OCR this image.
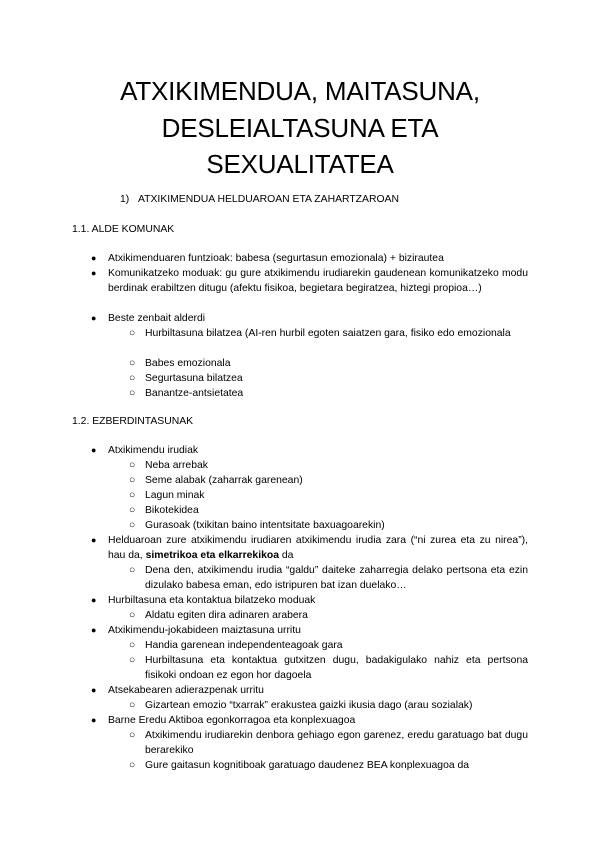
ATXIKIMENDUA, MAITASUNA,
DESLEIALTASUNA ETA
SEXUALITATEA
1) ATXIKIMENDUA HELDUAROAN ETA ZAHARTZAROAN
1.1. ALDE KOMUNAK
● Atxikimenduaren funtzioak: babesa (segurtasun emozionala) + bizirautea
● Komunikatzeko moduak: gu gure atxikimendu irudiarekin gaudenean komunikatzeko modu berdinak erabiltzen ditugu (afektu fisikoa, begietara begiratzea, hiztegi propioa…)
● Beste zenbait alderdi
○ Hurbiltasuna bilatzea (AI-ren hurbil egoten saiatzen gara, fisiko edo emozionala
○ Babes emozionala
○ Segurtasuna bilatzea
○ Banantze-antsietatea
1.2. EZBERDINTASUNAK
● Atxikimendu irudiak
○ Neba arrebak
○ Seme alabak (zaharrak garenean)
○ Lagun minak
○ Bikotekidea
○ Gurasoak (txikitan baino intentsitate baxuagoarekin)
● Helduaroan zure atxikimendu irudiaren atxikimendu irudia zara (“ni zurea eta zu nirea”), hau da, simetrikoa eta elkarrekikoa da
○ Dena den, atxikimendu irudia “galdu” daiteke zaharregia delako pertsona eta ezin dizulako babesa eman, edo istripuren bat izan duelako…
● Hurbiltasuna eta kontaktua bilatzeko moduak
○ Aldatu egiten dira adinaren arabera
● Atxikimendu-jokabideen maiztasuna urritu
○ Handia garenean independenteagoak gara
○ Hurbiltasuna eta kontaktua gutxitzen dugu, badakigulako nahiz eta pertsona fisikoki ondoan ez egon hor dagoela
● Atsekabearen adierazpenak urritu
○ Gizartean emozio “txarrak” erakustea gaizki ikusia dago (arau sozialak)
● Barne Eredu Aktiboa egonkorragoa eta konplexuagoa
○ Atxikimendu irudiarekin denbora gehiago egon garenez, eredu garatuago bat dugu berarekiko
○ Gure gaitasun kognitiboak garatuago daudenez BEA konplexuagoa da
